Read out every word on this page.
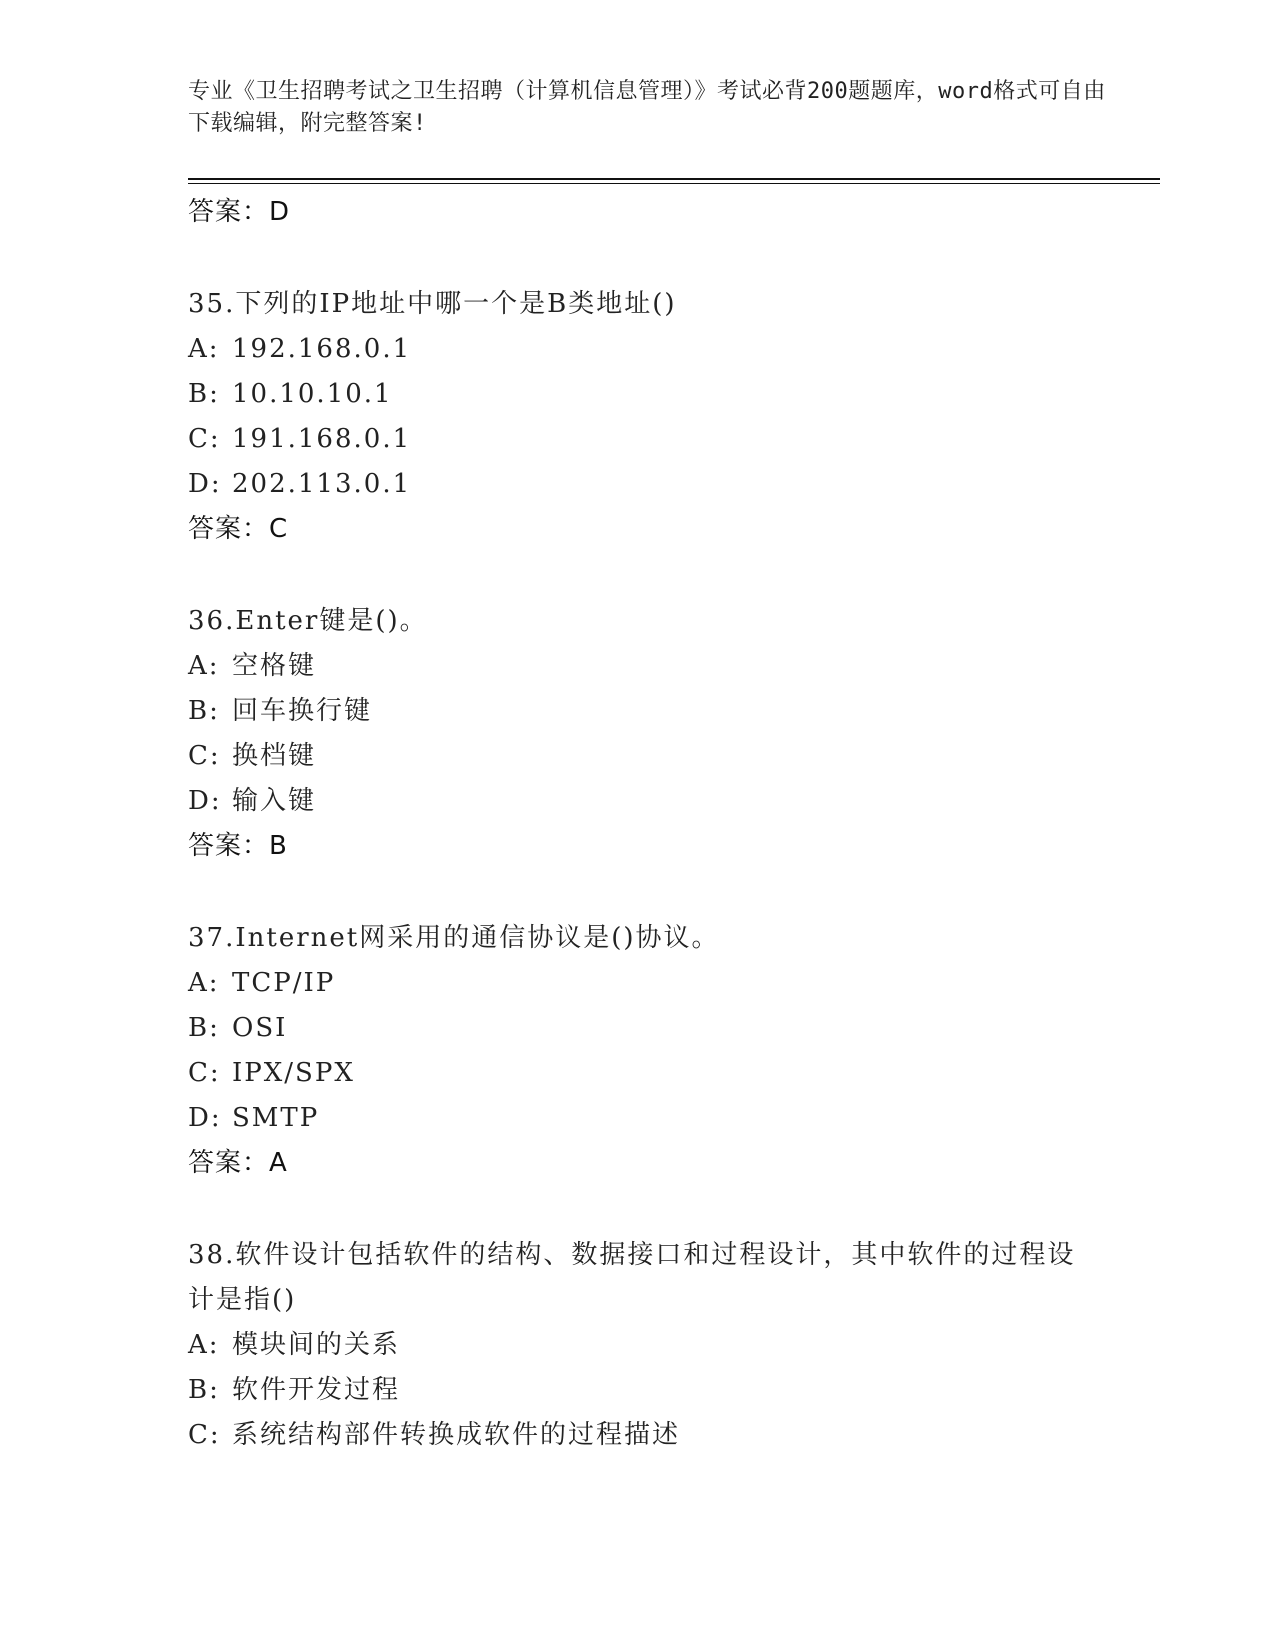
专业《卫生招聘考试之卫生招聘（计算机信息管理）》考试必背200题题库，word格式可自由下载编辑，附完整答案!
答案：D
35.下列的IP地址中哪一个是B类地址()
A: 192.168.0.1
B: 10.10.10.1
C: 191.168.0.1
D: 202.113.0.1
答案：C
36.Enter键是()。
A: 空格键
B: 回车换行键
C: 换档键
D: 输入键
答案：B
37.Internet网采用的通信协议是()协议。
A: TCP/IP
B: OSI
C: IPX/SPX
D: SMTP
答案：A
38.软件设计包括软件的结构、数据接口和过程设计，其中软件的过程设计是指()
A: 模块间的关系
B: 软件开发过程
C: 系统结构部件转换成软件的过程描述
